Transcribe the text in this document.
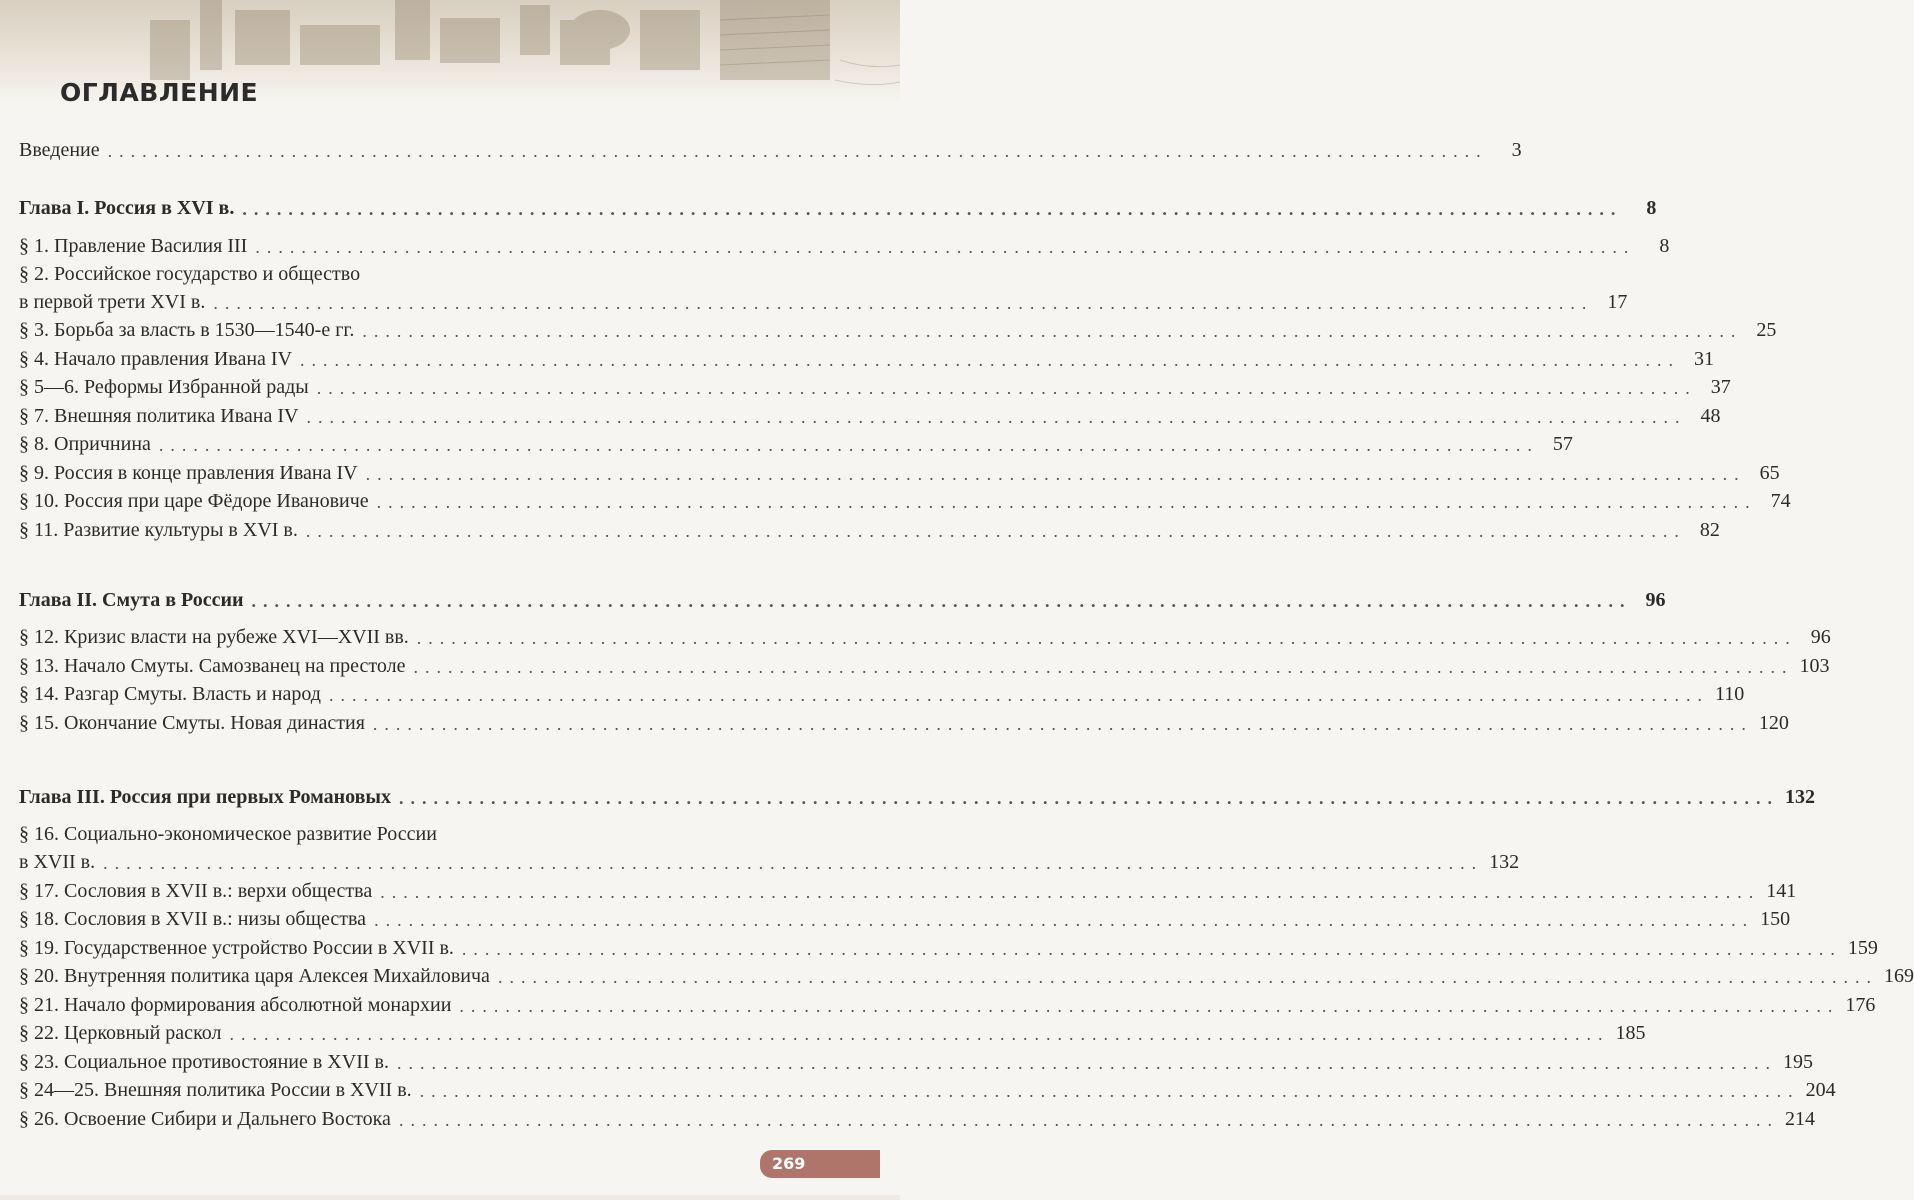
ОГЛАВЛЕНИЕ
Введение ........................................................................................................................	3
Глава I. Россия в XVI в. ........................................................................................................................	8
§ 1. Правление Василия III ........................................................................................................................	8
§ 2. Российское государство и общество
в первой трети XVI в. ........................................................................................................................ 17
§ 3. Борьба за власть в 1530—1540-е гг. ........................................................................................................................ 25
§ 4. Начало правления Ивана IV ........................................................................................................................ 31
§ 5—6. Реформы Избранной рады ........................................................................................................................ 37
§ 7. Внешняя политика Ивана IV ........................................................................................................................ 48
§ 8. Опричнина ........................................................................................................................ 57
§ 9. Россия в конце правления Ивана IV ........................................................................................................................ 65
§ 10. Россия при царе Фёдоре Ивановиче ........................................................................................................................ 74
§ 11. Развитие культуры в XVI в. ........................................................................................................................ 82
Глава II. Смута в России ........................................................................................................................ 96
§ 12. Кризис власти на рубеже XVI—XVII вв. ........................................................................................................................ 96
§ 13. Начало Смуты. Самозванец на престоле ........................................................................................................................ 103
§ 14. Разгар Смуты. Власть и народ ........................................................................................................................ 110
§ 15. Окончание Смуты. Новая династия ........................................................................................................................ 120
Глава III. Россия при первых Романовых ........................................................................................................................ 132
§ 16. Социально-экономическое развитие России
в XVII в. ........................................................................................................................ 132
§ 17. Сословия в XVII в.: верхи общества ........................................................................................................................ 141
§ 18. Сословия в XVII в.: низы общества ........................................................................................................................ 150
§ 19. Государственное устройство России в XVII в. ........................................................................................................................ 159
§ 20. Внутренняя политика царя Алексея Михайловича ........................................................................................................................ 169
§ 21. Начало формирования абсолютной монархии ........................................................................................................................ 176
§ 22. Церковный раскол ........................................................................................................................ 185
§ 23. Социальное противостояние в XVII в. ........................................................................................................................ 195
§ 24—25. Внешняя политика России в XVII в. ........................................................................................................................ 204
§ 26. Освоение Сибири и Дальнего Востока ........................................................................................................................ 214
269
